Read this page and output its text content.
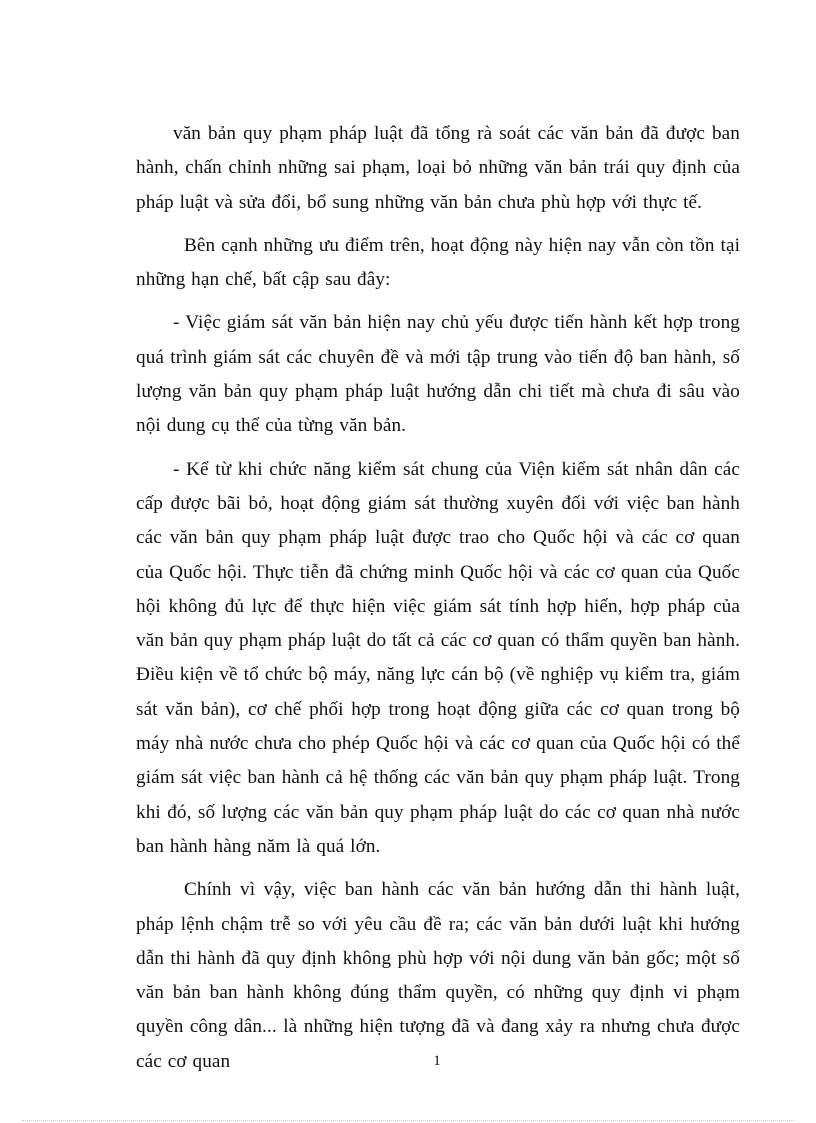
văn bản quy phạm pháp luật đã tổng rà soát các văn bản đã được ban hành, chấn chỉnh những sai phạm, loại bỏ những văn bản trái quy định của pháp luật và sửa đổi, bổ sung những văn bản chưa phù hợp với thực tế.

Bên cạnh những ưu điểm trên, hoạt động này hiện nay vẫn còn tồn tại những hạn chế, bất cập sau đây:

- Việc giám sát văn bản hiện nay chủ yếu được tiến hành kết hợp trong quá trình giám sát các chuyên đề và mới tập trung vào tiến độ ban hành, số lượng văn bản quy phạm pháp luật hướng dẫn chi tiết mà chưa đi sâu vào nội dung cụ thể của từng văn bản.

- Kể từ khi chức năng kiểm sát chung của Viện kiểm sát nhân dân các cấp được bãi bỏ, hoạt động giám sát thường xuyên đối với việc ban hành các văn bản quy phạm pháp luật được trao cho Quốc hội và các cơ quan của Quốc hội. Thực tiễn đã chứng minh Quốc hội và các cơ quan của Quốc hội không đủ lực để thực hiện việc giám sát tính hợp hiến, hợp pháp của văn bản quy phạm pháp luật do tất cả các cơ quan có thẩm quyền ban hành. Điều kiện về tổ chức bộ máy, năng lực cán bộ (về nghiệp vụ kiểm tra, giám sát văn bản), cơ chế phối hợp trong hoạt động giữa các cơ quan trong bộ máy nhà nước chưa cho phép Quốc hội và các cơ quan của Quốc hội có thể giám sát việc ban hành cả hệ thống các văn bản quy phạm pháp luật. Trong khi đó, số lượng các văn bản quy phạm pháp luật do các cơ quan nhà nước ban hành hàng năm là quá lớn.

Chính vì vậy, việc ban hành các văn bản hướng dẫn thi hành luật, pháp lệnh chậm trễ so với yêu cầu đề ra; các văn bản dưới luật khi hướng dẫn thi hành đã quy định không phù hợp với nội dung văn bản gốc; một số văn bản ban hành không đúng thẩm quyền, có những quy định vi phạm quyền công dân... là những hiện tượng đã và đang xảy ra nhưng chưa được các cơ quan	1
